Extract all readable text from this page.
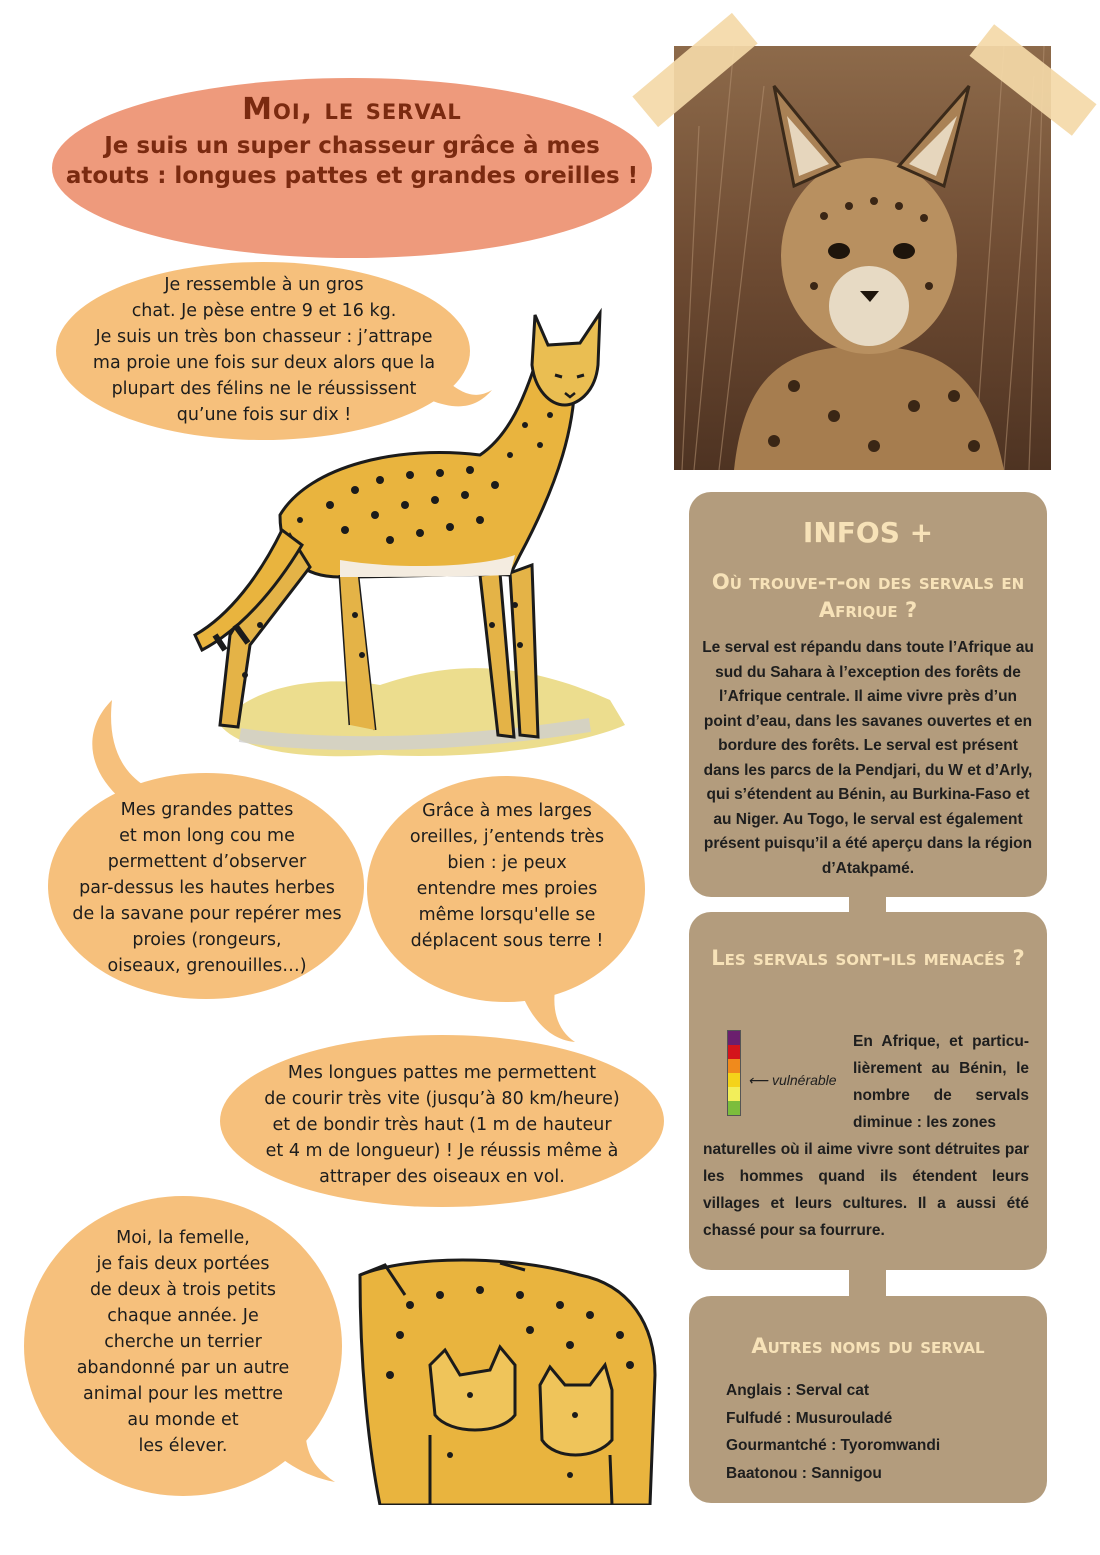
Moi, le serval

Je suis un super chasseur grâce à mes atouts : longues pattes et grandes oreilles !

Je ressemble à un gros
chat. Je pèse entre 9 et 16 kg.
Je suis un très bon chasseur : j’attrape
ma proie une fois sur deux alors que la
plupart des félins ne le réussissent
qu’une fois sur dix !

Mes grandes pattes
et mon long cou me
permettent d’observer
par-dessus les hautes herbes
de la savane pour repérer mes
proies (rongeurs,
oiseaux, grenouilles…)

Grâce à mes larges
oreilles, j’entends très
bien : je peux
entendre mes proies
même lorsqu'elle se
déplacent sous terre !

Mes longues pattes me permettent
de courir très vite (jusqu’à 80 km/heure)
et de bondir très haut (1 m de hauteur
et 4 m de longueur) ! Je réussis même à
attraper des oiseaux en vol.

Moi, la femelle,
je fais deux portées
de deux à trois petits
chaque année. Je
cherche un terrier
abandonné par un autre
animal pour les mettre
au monde et
les élever.

INFOS +

Où trouve-t-on des servals en Afrique ?

Le serval est répandu dans toute l’Afrique au sud du Sahara à l’exception des forêts de l’Afrique centrale. Il aime vivre près d’un point d’eau, dans les savanes ouvertes et en bordure des forêts. Le serval est présent dans les parcs de la Pendjari, du W et d’Arly, qui s’étendent au Bénin, au Burkina-Faso et au Niger. Au Togo, le serval est également présent puisqu’il a été aperçu dans la région d’Atakpamé.

Les servals sont-ils menacés ?

⟵ vulnérable

En Afrique, et particu-lièrement au Bénin, le nombre de servals diminue : les zones

naturelles où il aime vivre sont détruites par les hommes quand ils étendent leurs villages et leurs cultures. Il a aussi été chassé pour sa fourrure.

Autres noms du serval

Anglais : Serval cat

Fulfudé : Musurouladé

Gourmantché : Tyoromwandi

Baatonou : Sannigou
